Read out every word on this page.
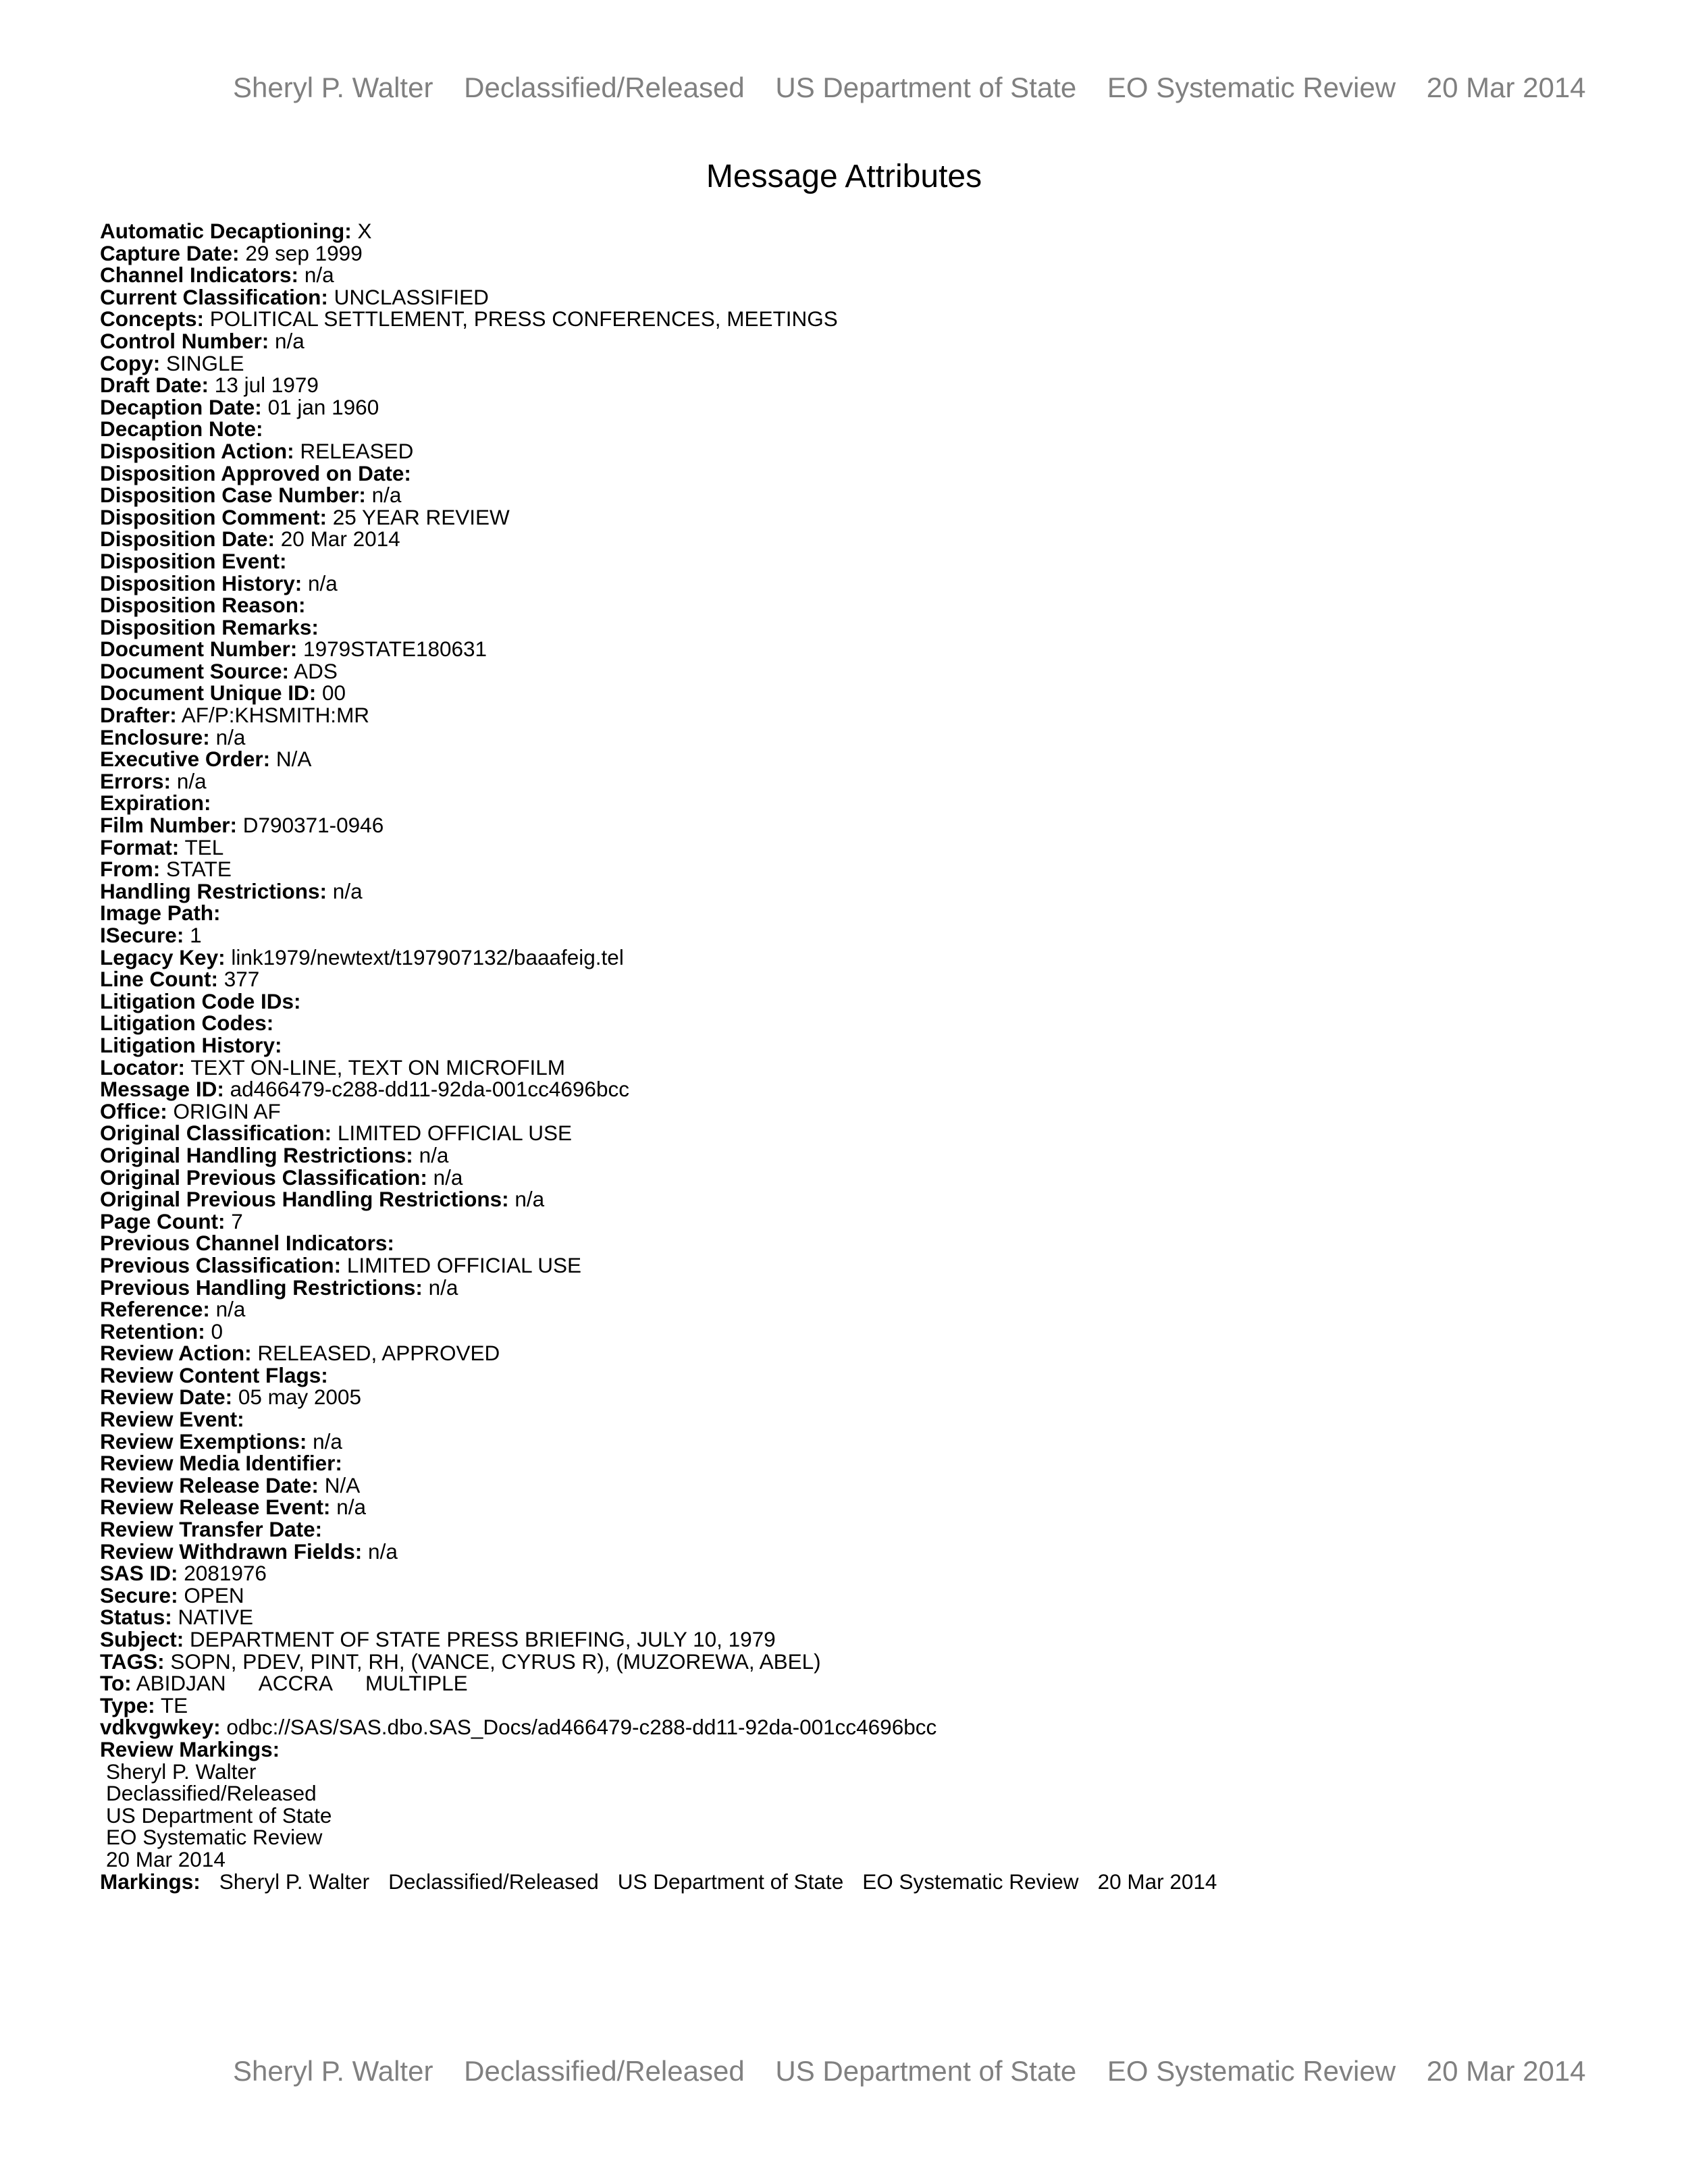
Sheryl P. Walter Declassified/Released US Department of State EO Systematic Review 20 Mar 2014
Message Attributes
Automatic Decaptioning: X
Capture Date: 29 sep 1999
Channel Indicators: n/a
Current Classification: UNCLASSIFIED
Concepts: POLITICAL SETTLEMENT, PRESS CONFERENCES, MEETINGS
Control Number: n/a
Copy: SINGLE
Draft Date: 13 jul 1979
Decaption Date: 01 jan 1960
Decaption Note:
Disposition Action: RELEASED
Disposition Approved on Date:
Disposition Case Number: n/a
Disposition Comment: 25 YEAR REVIEW
Disposition Date: 20 Mar 2014
Disposition Event:
Disposition History: n/a
Disposition Reason:
Disposition Remarks:
Document Number: 1979STATE180631
Document Source: ADS
Document Unique ID: 00
Drafter: AF/P:KHSMITH:MR
Enclosure: n/a
Executive Order: N/A
Errors: n/a
Expiration:
Film Number: D790371-0946
Format: TEL
From: STATE
Handling Restrictions: n/a
Image Path:
ISecure: 1
Legacy Key: link1979/newtext/t197907132/baaafeig.tel
Line Count: 377
Litigation Code IDs:
Litigation Codes:
Litigation History:
Locator: TEXT ON-LINE, TEXT ON MICROFILM
Message ID: ad466479-c288-dd11-92da-001cc4696bcc
Office: ORIGIN AF
Original Classification: LIMITED OFFICIAL USE
Original Handling Restrictions: n/a
Original Previous Classification: n/a
Original Previous Handling Restrictions: n/a
Page Count: 7
Previous Channel Indicators:
Previous Classification: LIMITED OFFICIAL USE
Previous Handling Restrictions: n/a
Reference: n/a
Retention: 0
Review Action: RELEASED, APPROVED
Review Content Flags:
Review Date: 05 may 2005
Review Event:
Review Exemptions: n/a
Review Media Identifier:
Review Release Date: N/A
Review Release Event: n/a
Review Transfer Date:
Review Withdrawn Fields: n/a
SAS ID: 2081976
Secure: OPEN
Status: NATIVE
Subject: DEPARTMENT OF STATE PRESS BRIEFING, JULY 10, 1979
TAGS: SOPN, PDEV, PINT, RH, (VANCE, CYRUS R), (MUZOREWA, ABEL)
To: ABIDJAN ACCRA MULTIPLE
Type: TE
vdkvgwkey: odbc://SAS/SAS.dbo.SAS_Docs/ad466479-c288-dd11-92da-001cc4696bcc
Review Markings:
Sheryl P. Walter
Declassified/Released
US Department of State
EO Systematic Review
20 Mar 2014
Markings: Sheryl P. Walter Declassified/Released US Department of State EO Systematic Review 20 Mar 2014
Sheryl P. Walter Declassified/Released US Department of State EO Systematic Review 20 Mar 2014
